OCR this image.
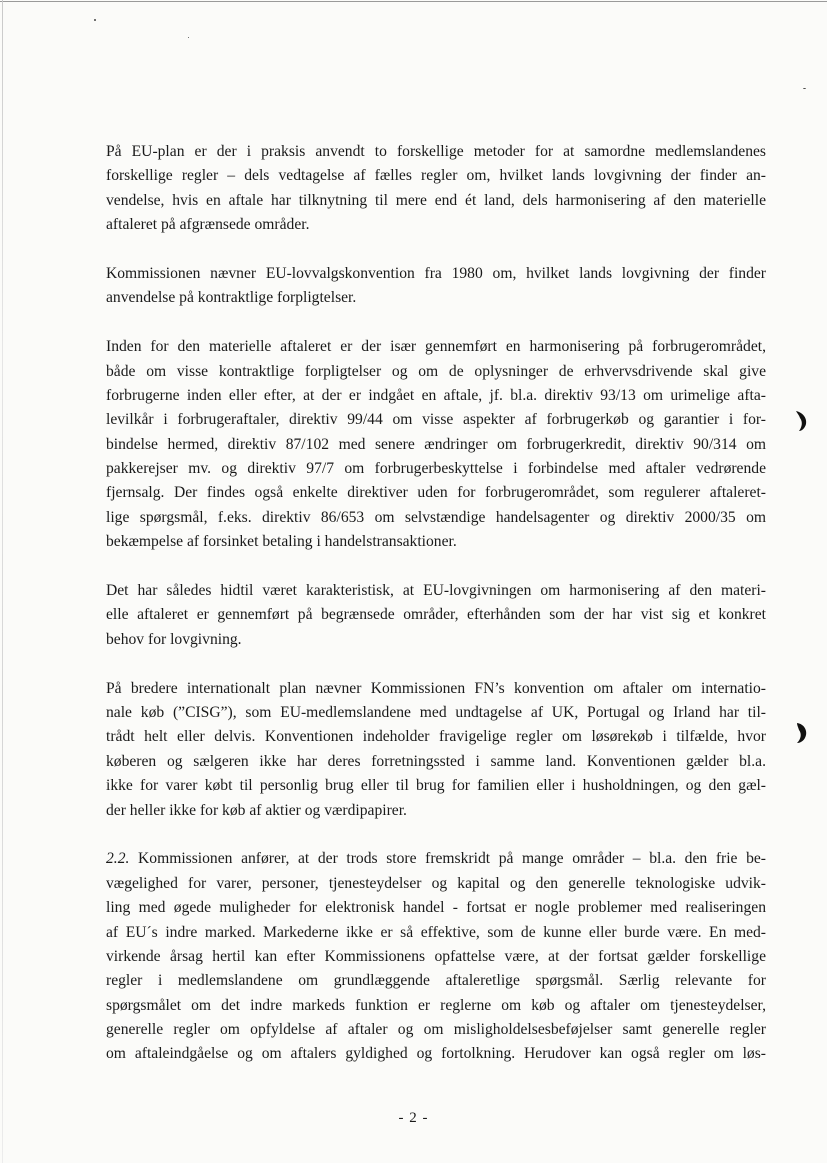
På EU-plan er der i praksis anvendt to forskellige metoder for at samordne medlemslandenes
forskellige regler – dels vedtagelse af fælles regler om, hvilket lands lovgivning der finder an-
vendelse, hvis en aftale har tilknytning til mere end ét land, dels harmonisering af den materielle
aftaleret på afgrænsede områder.

Kommissionen nævner EU-lovvalgskonvention fra 1980 om, hvilket lands lovgivning der finder
anvendelse på kontraktlige forpligtelser.

Inden for den materielle aftaleret er der især gennemført en harmonisering på forbrugerområdet,
både om visse kontraktlige forpligtelser og om de oplysninger de erhvervsdrivende skal give
forbrugerne inden eller efter, at der er indgået en aftale, jf. bl.a. direktiv 93/13 om urimelige afta-
levilkår i forbrugeraftaler, direktiv 99/44 om visse aspekter af forbrugerkøb og garantier i for-
bindelse hermed, direktiv 87/102 med senere ændringer om forbrugerkredit, direktiv 90/314 om
pakkerejser mv. og direktiv 97/7 om forbrugerbeskyttelse i forbindelse med aftaler vedrørende
fjernsalg. Der findes også enkelte direktiver uden for forbrugerområdet, som regulerer aftaleret-
lige spørgsmål, f.eks. direktiv 86/653 om selvstændige handelsagenter og direktiv 2000/35 om
bekæmpelse af forsinket betaling i handelstransaktioner.

Det har således hidtil været karakteristisk, at EU-lovgivningen om harmonisering af den materi-
elle aftaleret er gennemført på begrænsede områder, efterhånden som der har vist sig et konkret
behov for lovgivning.

På bredere internationalt plan nævner Kommissionen FN’s konvention om aftaler om internatio-
nale køb (”CISG”), som EU-medlemslandene med undtagelse af UK, Portugal og Irland har til-
trådt helt eller delvis. Konventionen indeholder fravigelige regler om løsørekøb i tilfælde, hvor
køberen og sælgeren ikke har deres forretningssted i samme land. Konventionen gælder bl.a.
ikke for varer købt til personlig brug eller til brug for familien eller i husholdningen, og den gæl-
der heller ikke for køb af aktier og værdipapirer.

2.2. Kommissionen anfører, at der trods store fremskridt på mange områder – bl.a. den frie be-
vægelighed for varer, personer, tjenesteydelser og kapital og den generelle teknologiske udvik-
ling med øgede muligheder for elektronisk handel - fortsat er nogle problemer med realiseringen
af EU´s indre marked. Markederne ikke er så effektive, som de kunne eller burde være. En med-
virkende årsag hertil kan efter Kommissionens opfattelse være, at der fortsat gælder forskellige
regler i medlemslandene om grundlæggende aftaleretlige spørgsmål. Særlig relevante for
spørgsmålet om det indre markeds funktion er reglerne om køb og aftaler om tjenesteydelser,
generelle regler om opfyldelse af aftaler og om misligholdelsesbeføjelser samt generelle regler
om aftaleindgåelse og om aftalers gyldighed og fortolkning. Herudover kan også regler om løs-

- 2 -
